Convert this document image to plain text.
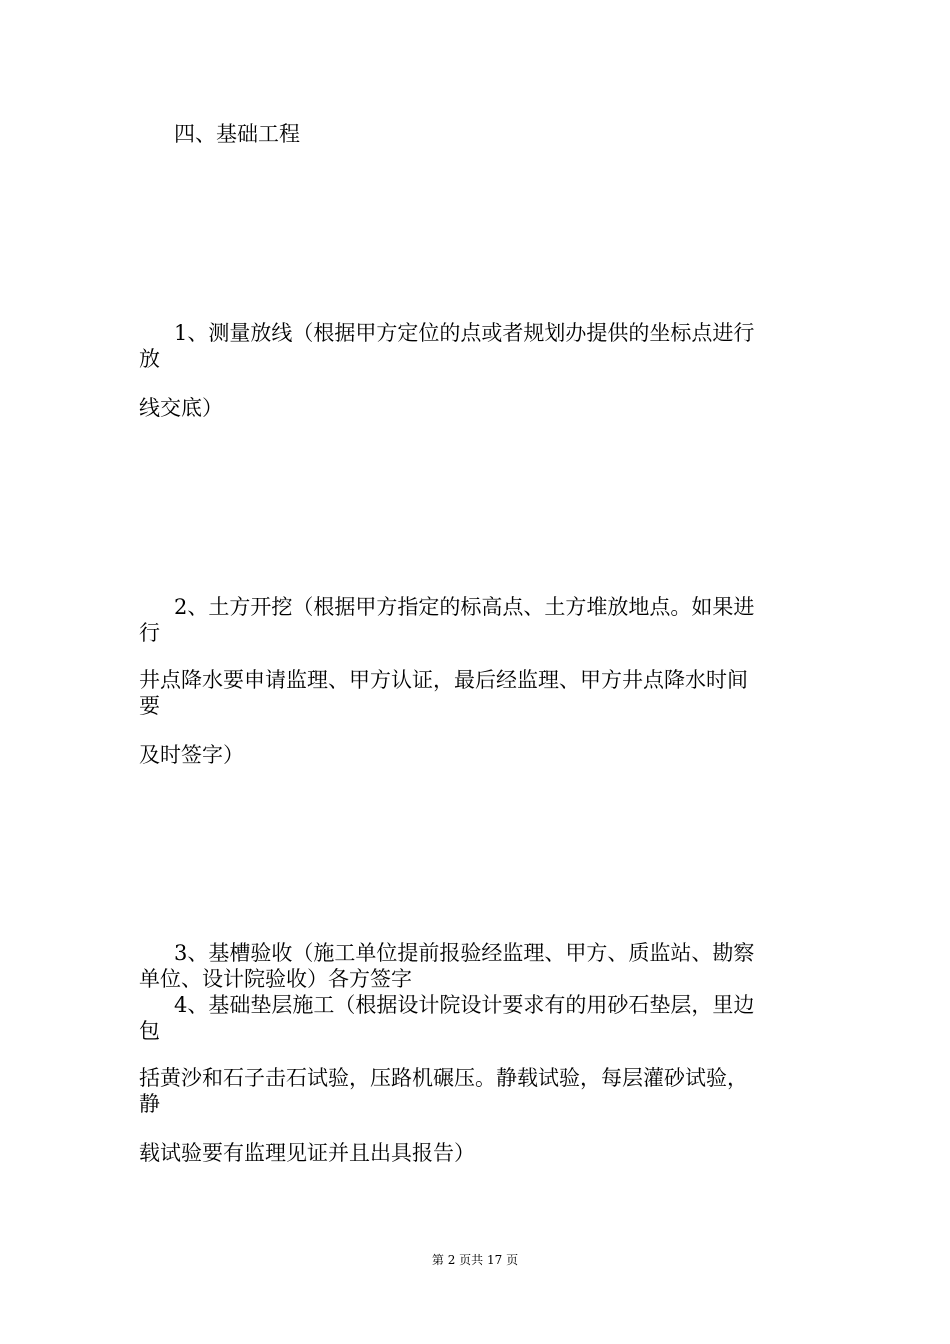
四、基础工程

1、测量放线（根据甲方定位的点或者规划办提供的坐标点进行

放

线交底）

2、土方开挖（根据甲方指定的标高点、土方堆放地点。如果进

行

井点降水要申请监理、甲方认证，最后经监理、甲方井点降水时间

要

及时签字）

3、基槽验收（施工单位提前报验经监理、甲方、质监站、勘察

单位、设计院验收）各方签字

4、基础垫层施工（根据设计院设计要求有的用砂石垫层，里边

包

括黄沙和石子击石试验，压路机碾压。静载试验，每层灌砂试验，

静

载试验要有监理见证并且出具报告）

第 2 页共 17 页
